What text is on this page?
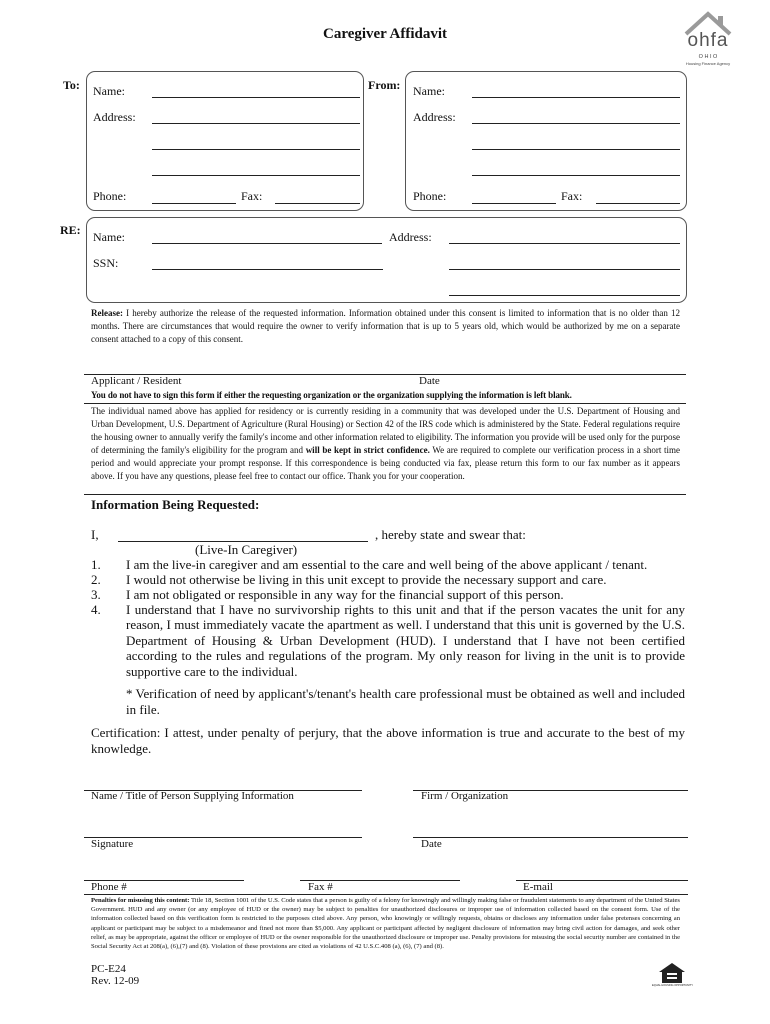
Caregiver Affidavit	ohfa
O H I O
Housing Finance Agency
To: Name:
Address:
Phone:	Fax:
From: Name:
Address:
Phone:	Fax:
RE: Name:	Address:
SSN:
Release: I hereby authorize the release of the requested information. Information obtained under this consent is limited to information that is no older than 12 months. There are circumstances that would require the owner to verify information that is up to 5 years old, which would be authorized by me on a separate consent attached to a copy of this consent.
Applicant / Resident	Date
You do not have to sign this form if either the requesting organization or the organization supplying the information is left blank.
The individual named above has applied for residency or is currently residing in a community that was developed under the U.S. Department of Housing and Urban Development, U.S. Department of Agriculture (Rural Housing) or Section 42 of the IRS code which is administered by the State. Federal regulations require the housing owner to annually verify the family's income and other information related to eligibility. The information you provide will be used only for the purpose of determining the family's eligibility for the program and will be kept in strict confidence. We are required to complete our verification process in a short time period and would appreciate your prompt response. If this correspondence is being conducted via fax, please return this form to our fax number as it appears above. If you have any questions, please feel free to contact our office. Thank you for your cooperation.
Information Being Requested:
I,	, hereby state and swear that:
(Live-In Caregiver)
1. I am the live-in caregiver and am essential to the care and well being of the above applicant / tenant.
2. I would not otherwise be living in this unit except to provide the necessary support and care.
3. I am not obligated or responsible in any way for the financial support of this person.
4. I understand that I have no survivorship rights to this unit and that if the person vacates the unit for any reason, I must immediately vacate the apartment as well. I understand that this unit is governed by the U.S. Department of Housing & Urban Development (HUD). I understand that I have not been certified according to the rules and regulations of the program. My only reason for living in the unit is to provide supportive care to the individual.
* Verification of need by applicant's/tenant's health care professional must be obtained as well and included in file.
Certification: I attest, under penalty of perjury, that the above information is true and accurate to the best of my knowledge.
Name / Title of Person Supplying Information	Firm / Organization
Signature	Date
Phone #	Fax #	E-mail
Penalties for misusing this content: Title 18, Section 1001 of the U.S. Code states that a person is guilty of a felony for knowingly and willingly making false or fraudulent statements to any department of the United States Government. HUD and any owner (or any employee of HUD or the owner) may be subject to penalties for unauthorized disclosures or improper use of information collected based on the consent form. Use of the information collected based on this verification form is restricted to the purposes cited above. Any person, who knowingly or willingly requests, obtains or discloses any information under false pretenses concerning an applicant or participant may be subject to a misdemeanor and fined not more than $5,000. Any applicant or participant affected by negligent disclosure of information may bring civil action for damages, and seek other relief, as may be appropriate, against the officer or employee of HUD or the owner responsible for the unauthorized disclosure or improper use. Penalty provisions for misusing the social security number are contained in the Social Security Act at 208(a), (6),(7) and (8). Violation of these provisions are cited as violations of 42 U.S.C.408 (a), (6), (7) and (8).
PC-E24
Rev. 12-09	EQUAL HOUSING OPPORTUNITY
